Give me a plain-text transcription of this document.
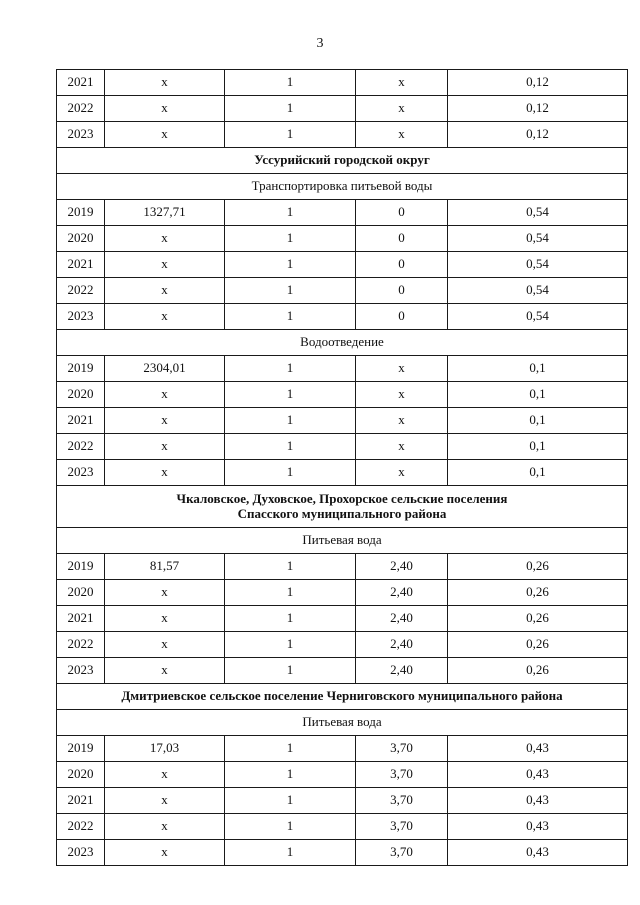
3
2021	х	1	х	0,12
2022	х	1	х	0,12
2023	х	1	х	0,12
Уссурийский городской округ				
Транспортировка питьевой воды				
2019	1327,71	1	0	0,54
2020	х	1	0	0,54
2021	х	1	0	0,54
2022	х	1	0	0,54
2023	х	1	0	0,54
Водоотведение				
2019	2304,01	1	х	0,1
2020	х	1	х	0,1
2021	х	1	х	0,1
2022	х	1	х	0,1
2023	х	1	х	0,1

Чкаловское, Духовское, Прохорское сельские поселения
Спасского муниципального района				

Питьевая вода				
2019	81,57	1	2,40	0,26
2020	х	1	2,40	0,26
2021	х	1	2,40	0,26
2022	х	1	2,40	0,26
2023	х	1	2,40	0,26
Дмитриевское сельское поселение Черниговского муниципального района				
Питьевая вода				
2019	17,03	1	3,70	0,43
2020	х	1	3,70	0,43
2021	х	1	3,70	0,43
2022	х	1	3,70	0,43
2023	х	1	3,70	0,43
